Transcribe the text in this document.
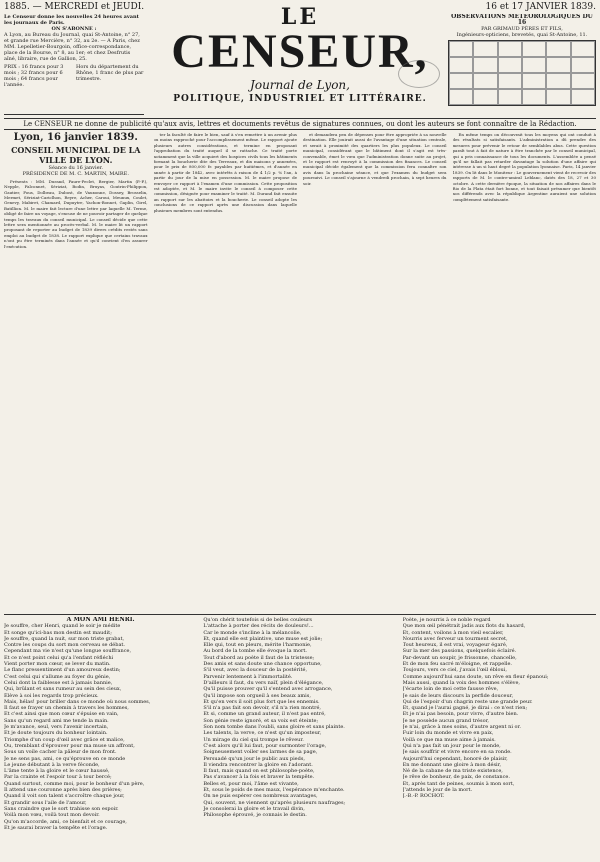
1885. — MERCREDI et JEUDI.	16 et 17 JANVIER 1839.
Le Censeur donne les nouvelles 24 heures avant les journaux de Paris.
ON S'ABONNE :
A Lyon, au Bureau du Journal, quai St-Antoine, n° 27, et grande rue Mercière, n° 32, au 2e. — A Paris, chez MM. Lepelletier-Bourgoin, office-correspondance, place de la Bourse, n° 8, au 1er; et chez Desfrutis aîné, libraire, rue de Gallion, 25.
PRIX : 16 francs pour 3 mois ; 32 francs pour 6 mois ; 64 francs pour l'année.
Hors du département du Rhône, 1 franc de plus par trimestre.
LE
CENSEUR,
Journal de Lyon,
POLITIQUE, INDUSTRIEL ET LITTÉRAIRE.
OBSERVATIONS MÉTÉOROLOGIQUES DU 16
PAR GRIMAUD PÈRES ET FILS,
Ingénieurs-opticiens, brevetés, quai St-Antoine, 11.
Le CENSEUR ne donne de publicité qu'aux avis, lettres et documents revêtus de signatures connues, ou dont les auteurs se font connaître de la Rédaction.

Lyon, 16 janvier 1839.

CONSEIL MUNICIPAL DE LA VILLE DE LYON.

Séance du 16 janvier.

PRÉSIDENCE DE M. C. MARTIN, MAIRE.

Présents : MM. Durand, Faure-Peclet, Bergier, Martin (P.-P.), Nepple, Falconnet, Sériziat, Bodin, Bruyas, Goutrin-Philippon, Gautier, Fous, Dolbeau, Dubost, de Vauxonne, Dossey, Brosselin, Mermet, Sériziat-Cariclhon, Reyre, Acher, Caroui, Meunux, Coulet, Genevy, Mabiret, Chamard, Dupuytre, Yachon-Bonnet, Gaplin, Girel, Batillion. M. le maire fait lecture d'une lettre par laquelle M. Terme, obligé de faire un voyage, s'excuse de ne pouvoir partager de quelque temps les travaux du conseil municipal. Le conseil décide que cette lettre sera mentionnée au procès-verbal. M. le maire lit un rapport proposant de reporter au budget de 1839 divers crédits restés sans emploi au budget de 1838. Le rapport explique que certains travaux n'ont pu être terminés dans l'année et qu'il convient d'en assurer l'exécution.

ter la faculté de faire le bien, sauf à s'en remettre à un avenir plus ou moins rapproché pour l'accomplissement même. Le rapport ajoute plusieurs autres considérations, et termine en proposant l'approbation du traité auquel il se rattache. Ce traité porte notamment que la ville acquiert des hospices civils tous les bâtiments formant la boucherie dite des Terreaux, et dix maisons y annexées, pour le prix de 800,000 fr. payables par huitièmes, et d'année en année à partir de 1842, avec intérêts à raison de 4 1/2 p. % l'an, à partir du jour de la mise en possession. M. le maire propose de renvoyer ce rapport à l'examen d'une commission. Cette proposition est adoptée, et M. le maire invite le conseil à composer cette commission, désignée pour examiner le traité. M. Durand fait ensuite un rapport sur les abattoirs et la boucherie. Le conseil adopte les conclusions de ce rapport après une discussion dans laquelle plusieurs membres sont entendus.

et demandera peu de dépenses pour être appropriée à sa nouvelle destination. Elle jouirait aussi de l'avantage d'une situation centrale, et serait à proximité des quartiers les plus populeux. Le conseil municipal, considérant que le bâtiment dont il s'agit est très-convenable, émet le vœu que l'administration donne suite au projet, et le rapport est renvoyé à la commission des finances. Le conseil municipal décide également que la commission fera connaître son avis dans la prochaine séance, et que l'examen du budget sera poursuivi. Le conseil s'ajourne à vendredi prochain, à sept heures du soir.

En même temps on découvrait tous les moyens qui ont conduit à des résultats si satisfaisants. L'administration a dû prendre des mesures pour prévenir le retour de semblables abus. Cette question paraît tout à fait de nature à être tranchée par le conseil municipal, qui a pris connaissance de tous les documents. L'assemblée a pensé qu'il ne fallait pas retarder davantage la solution d'une affaire qui intéresse à un si haut degré la population lyonnaise. Paris, 14 janvier 1839. On lit dans le Moniteur : Le gouvernement vient de recevoir des rapports de M. le contre-amiral Leblanc, datés des 18, 27 et 30 octobre. A cette dernière époque, la situation de nos affaires dans le Rio de la Plata était fort bonne, et tout faisait présumer que bientôt nos différends avec la république Argentine auraient une solution complètement satisfaisante.

A MON AMI HENRI.
Je souffre, cher Henri, quand le soir je médite
Et songe qu'ici-bas mon destin est maudit;
Je souffre, quand la nuit, sur mon triste grabat,
Contre les coups du sort mon cerveau se débat.
Cependant ma vie n'est qu'une longue souffrance,
Et ce n'est point celui qu'a l'enfant réfléchi
Vient porter mon cœur, se lever du matin.
Le flanc pressentiment d'un amoureux destin;
C'est celui qui s'allume au foyer du génie,
Celui dont la faiblesse est à jamais bannie,
Qui, brûlant et sans rumeur au sein des cieux,
Élève à soi les regards trop précieux.
Mais, hélas! pour briller dans ce monde où nous sommes,
Il faut se frayer un chemin à travers les hommes,
Et c'est ainsi que mon cœur s'épuise en vain,
Sans qu'un regard ami me tende la main.
Je m'avance, seul, vers l'avenir incertain,
Et je doute toujours du bonheur lointain.
Triomphe d'un coup d'œil avec grâce et malice,
Ou, tremblant d'éprouver pour ma muse un affront,
Sous un voile cacher la pâleur de mon front.
Je ne sens pas, ami, ce qu'éprouve en ce monde
Le jeune débutant à la verve féconde,
L'âme tente à la gloire et le cœur haussé,
Par la crainte et l'espoir tour à tour bercé;
Quand surtout, comme moi, pour le bonheur d'un père,
Il attend une couronne après bien des prières;
Quand il voit son talent s'accroître chaque jour,
Et grandir sous l'aile de l'amour,
Sans craindre que le sort trahisse son espoir.
Voilà mon vœu, voilà tout mon devoir.
Qu'on m'accorde, ami, ce bienfait et ce courage,
Et je saurai braver la tempête et l'orage.
Qu'on chérit toutefois si de belles couleurs
L'attache à porter des récits de douleurs!...
Car le monde s'incline à la mélancolie,
Et, quand elle est plaintive, une muse est jolie;
Elle qui, tout en pleurs, mérite l'harmonie,
Au bord de la tombe elle évoque la mort.
Tout d'abord au poète il faut de la tristesse;
Des amis et sans doute une chance opportune,
S'il veut, avec la douceur de la postérité,
Parvenir lentement à l'immortalité.
D'ailleurs il faut, du vers naïf, plein d'élégance,
Qu'il puisse prouver qu'il s'entend avec arrogance,
Qu'il impose son orgueil à ses beaux amis,
Et qu'en vers il soit plus fort que les ennemis.
S'il n'a pas fait son devoir, s'il n'a rien montré,
Et si, comme un grand auteur, il n'est pas entré,
Son génie reste ignoré, et sa voix est éteinte;
Son nom tombe dans l'oubli, sans gloire et sans plainte.
Les talents, la verve, ce n'est qu'un imposteur,
Un mirage du ciel qui trompe le rêveur.
C'est alors qu'il lui faut, pour surmonter l'orage,
Soigneusement voiler ses larmes de sa page,
Persuadé qu'un jour le public aux pieds,
Il viendra rencontrer la gloire en l'adorant.
Il faut, mais quand on est philosophe-poète,
Pas s'avancer à la fois et braver la tempête.
Belles et, pour moi, l'âme est vivante,
Et, sous le poids de mes maux, l'espérance m'enchante.
On ne puis espérer ces nombreux avantages,
Qui, souvent, ne viennent qu'après plusieurs naufrages;
Je consolerai la gloire et le travail divin,
Philosophe éprouvé, je connais le destin.
Poète, je nourris à ce noble regard
Que mon œil pénétrait jadis aux flots du hasard,
Et, content, voilons à mon vieil escalier,
Nourris avec ferveur un tourment secret,
Tout heureux, il est vrai, voyageur égaré,
Sur la mer des passions, quelquefois éclairé.
Par-devant un soupir, je frissonne, chancelle,
Et de mon feu sacré m'éloigne, et rappelle.
Toujours, vers ce ciel, j'avais l'œil ébloui,
Comme aujourd'hui sans doute, un rêve en fleur épanoui;
Mais aussi, quand la voix des hommes s'élève,
J'écarte loin de moi cette fausse rêve,
Je sais de leurs discours la perfide douceur,
Qui de l'espoir d'un chagrin reste une grande peur.
Et, quand je l'aurai gagné, je dirai : ce n'est rien;
Et je n'ai pas besoin, pour vivre, d'autre bien.
Je ne possède aucun grand trésor,
Je n'ai, grâce à mes soins, d'autre argent ni or.
Fuir loin du monde et vivre en paix,
Voilà ce que ma muse aime à jamais.
Qui n'a pas fait un jour pour le monde,
Je sais souffrir et vivre encore en sa ronde.
Aujourd'hui cependant, honoré de plaisir,
En me donnant une gloire à mon désir,
Né de la cabane de ma triste existence,
Je rêve de bonheur, de paix, de constance.
Et, après tant de peines, soumis à mon sort,
J'attends le jour de la mort.
J.-B.-P. ROCHOT.
